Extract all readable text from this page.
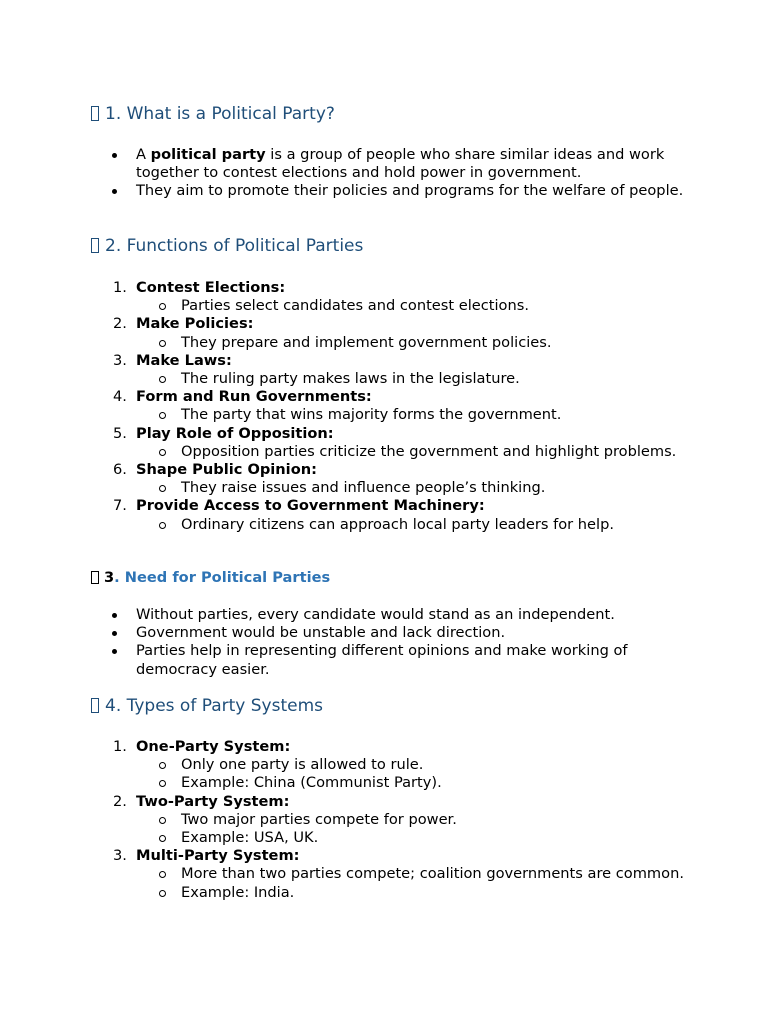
1. What is a Political Party?
A political party is a group of people who share similar ideas and work together to contest elections and hold power in government.
They aim to promote their policies and programs for the welfare of people.
2. Functions of Political Parties
1. Contest Elections:
Parties select candidates and contest elections.
2. Make Policies:
They prepare and implement government policies.
3. Make Laws:
The ruling party makes laws in the legislature.
4. Form and Run Governments:
The party that wins majority forms the government.
5. Play Role of Opposition:
Opposition parties criticize the government and highlight problems.
6. Shape Public Opinion:
They raise issues and influence people’s thinking.
7. Provide Access to Government Machinery:
Ordinary citizens can approach local party leaders for help.
3. Need for Political Parties
Without parties, every candidate would stand as an independent.
Government would be unstable and lack direction.
Parties help in representing different opinions and make working of democracy easier.
4. Types of Party Systems
1. One-Party System:
Only one party is allowed to rule.
Example: China (Communist Party).
2. Two-Party System:
Two major parties compete for power.
Example: USA, UK.
3. Multi-Party System:
More than two parties compete; coalition governments are common.
Example: India.
